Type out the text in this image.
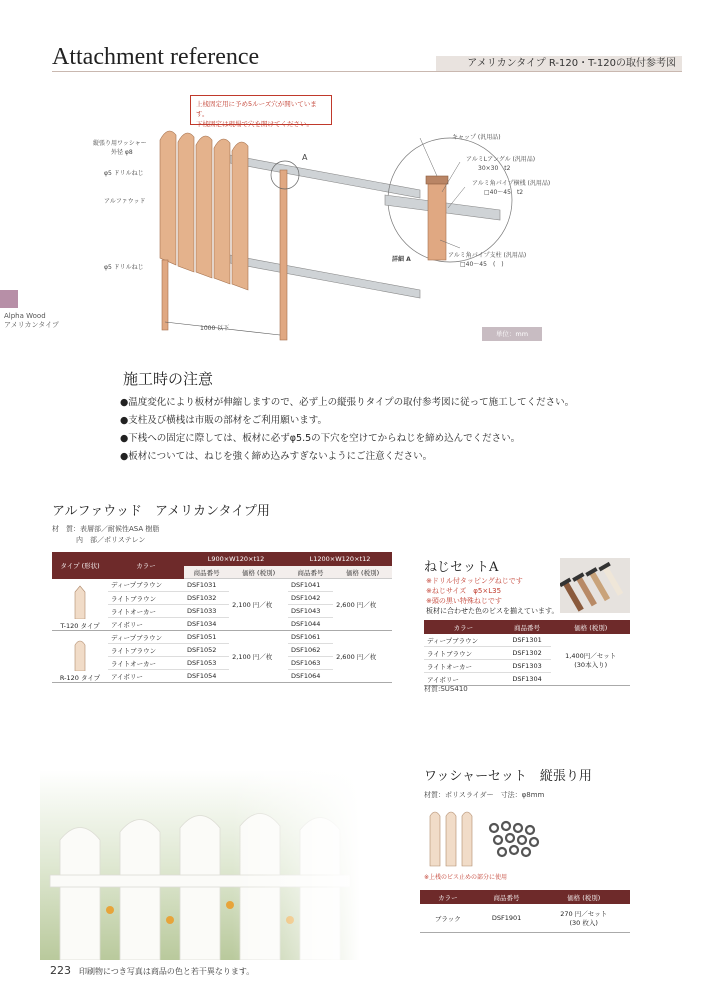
Attachment reference	アメリカンタイプ R-120・T-120の取付参考図
Alpha Wood
アメリカンタイプ
上桟固定用に予め5ルーズ穴が開いています。
下桟固定は現場で穴を開けてください。
縦張り用ワッシャー
外径 φ8
φ5 ドリルねじ
アルファウッド
φ5 ドリルねじ
1000 以下
A
キャップ (汎用品)
アルミLアングル (汎用品)
30×30　t2
アルミ角パイプ横桟 (汎用品)
□40～45　t2
アルミ角パイプ支柱 (汎用品)
□40～45　(　)
詳細 A
単位：mm
施工時の注意
●温度変化により板材が伸縮しますので、必ず上の縦張りタイプの取付参考図に従って施工してください。
●支柱及び横桟は市販の部材をご利用願います。
●下桟への固定に際しては、板材に必ずφ5.5の下穴を空けてからねじを締め込んでください。
●板材については、ねじを強く締め込みすぎないようにご注意ください。
アルファウッド　アメリカンタイプ用
材　質：表層部／耐候性ASA 樹脂
内　部／ポリステレン
タイプ (形状)	カラー	L900×W120×t12		L1200×W120×t12	
		商品番号	価格 (税別)	商品番号	価格 (税別)

T-120 タイプ	ディープブラウン	DSF1031	2,100 円／枚	DSF1041	2,600 円／枚
	ライトブラウン	DSF1032		DSF1042	
	ライトオーカー	DSF1033		DSF1043	
	アイボリー	DSF1034		DSF1044	

R-120 タイプ	ディープブラウン	DSF1051	2,100 円／枚	DSF1061	2,600 円／枚
	ライトブラウン	DSF1052		DSF1062	
	ライトオーカー	DSF1053		DSF1063	
	アイボリー	DSF1054		DSF1064	
ねじセットA
※ドリル付タッピングねじです
※ねじサイズ　φ5×L35
※頭の黒い特殊ねじです
板材に合わせた色のビスを揃えています。
カラー	商品番号	価格 (税別)
ディープブラウン	DSF1301	1,400円／セット
(30本入り)

ライトブラウン	DSF1302	
ライトオーカー	DSF1303	
アイボリー	DSF1304	
材質:SUS410
ワッシャーセット　縦張り用
材質：ポリスライダー　寸法：φ8mm
※上桟のビス止めの部分に使用
カラー	商品番号	価格 (税別)
ブラック	DSF1901	270 円／セット
(30 枚入)
223 印刷物につき写真は商品の色と若干異なります。
